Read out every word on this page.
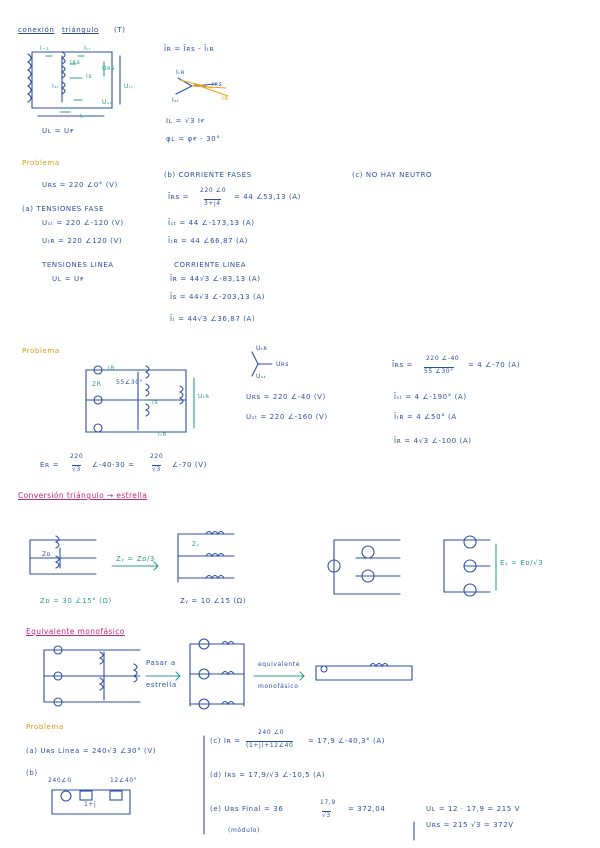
conexión triángulo (T)
I₊₃	Iₜᵣ
Iʀs
Is
Uʀs
Uₜᵣ
Iₛₜ
Uₛₜ
Iₜ
Uʟ = Uғ
Īʀ = Īʀs - Īₜʀ
Iₜʀ
Iʀs
Iₛₜ	Iʀ
Iʟ = √3 Iғ
φʟ = φғ - 30°
Problema
Uʀs = 220 ∠0° (V)
(a) TENSIONES FASE
Uₛₜ = 220 ∠-120 (V)
Uₜʀ = 220 ∠120 (V)
TENSIONES LINEA
Uʟ = Uғ
(b) CORRIENTE FASES
Īʀs =
220 ∠0
3+j4
= 44 ∠53,13 (A)
Īₛₜ = 44 ∠-173,13 (A)
Īₜʀ = 44 ∠66,87 (A)
CORRIENTE LINEA
Īʀ = 44√3 ∠-83,13 (A)
Īs = 44√3 ∠-203,13 (A)
Īₜ = 44√3 ∠36,87 (A)
(c) NO HAY NEUTRO
Problema
IR
ZR 55∠30°
Is
Iₜʀ
Uₜʀ
Uₜʀ
Uʀs
Uₛₜ
Uʀs = 220 ∠-40 (V)
Uₛₜ = 220 ∠-160 (V)
Eʀ =
220
√3
∠-40-30 =
220
√3
∠-70 (V)
Īʀs =
220 ∠-40
55 ∠30°
= 4 ∠-70 (A)
Īₛₜ = 4 ∠-190° (A)
Īₜʀ = 4 ∠50° (A
Īʀ = 4√3 ∠-100 (A)
Conversión triángulo → estrella
Zᴅ
Zᵧ = Zᴅ/3
Zᵧ
Zᴅ = 30 ∠15° (Ω)	Zᵧ = 10 ∠15 (Ω)
Eᵧ = Eᴅ/√3
Equivalente monofásico
Pasar a
estrella
equivalente
monofásico
Problema
(a) Uʀs Linea = 240√3 ∠30° (V)
(b)
240∠0	12∠40°
1+j
(c) Iʀ =
240 ∠0
(1+j)+12∠40
= 17,9 ∠-40,3° (A)
(d) Iʀs = 17,9/√3 ∠-10,5 (A)
(e) Uʀs Final = 36
17,9
√3
= 372,04
(módulo)
Uʟ = 12 · 17,9 = 215 V
Uʀs = 215 √3 = 372V
